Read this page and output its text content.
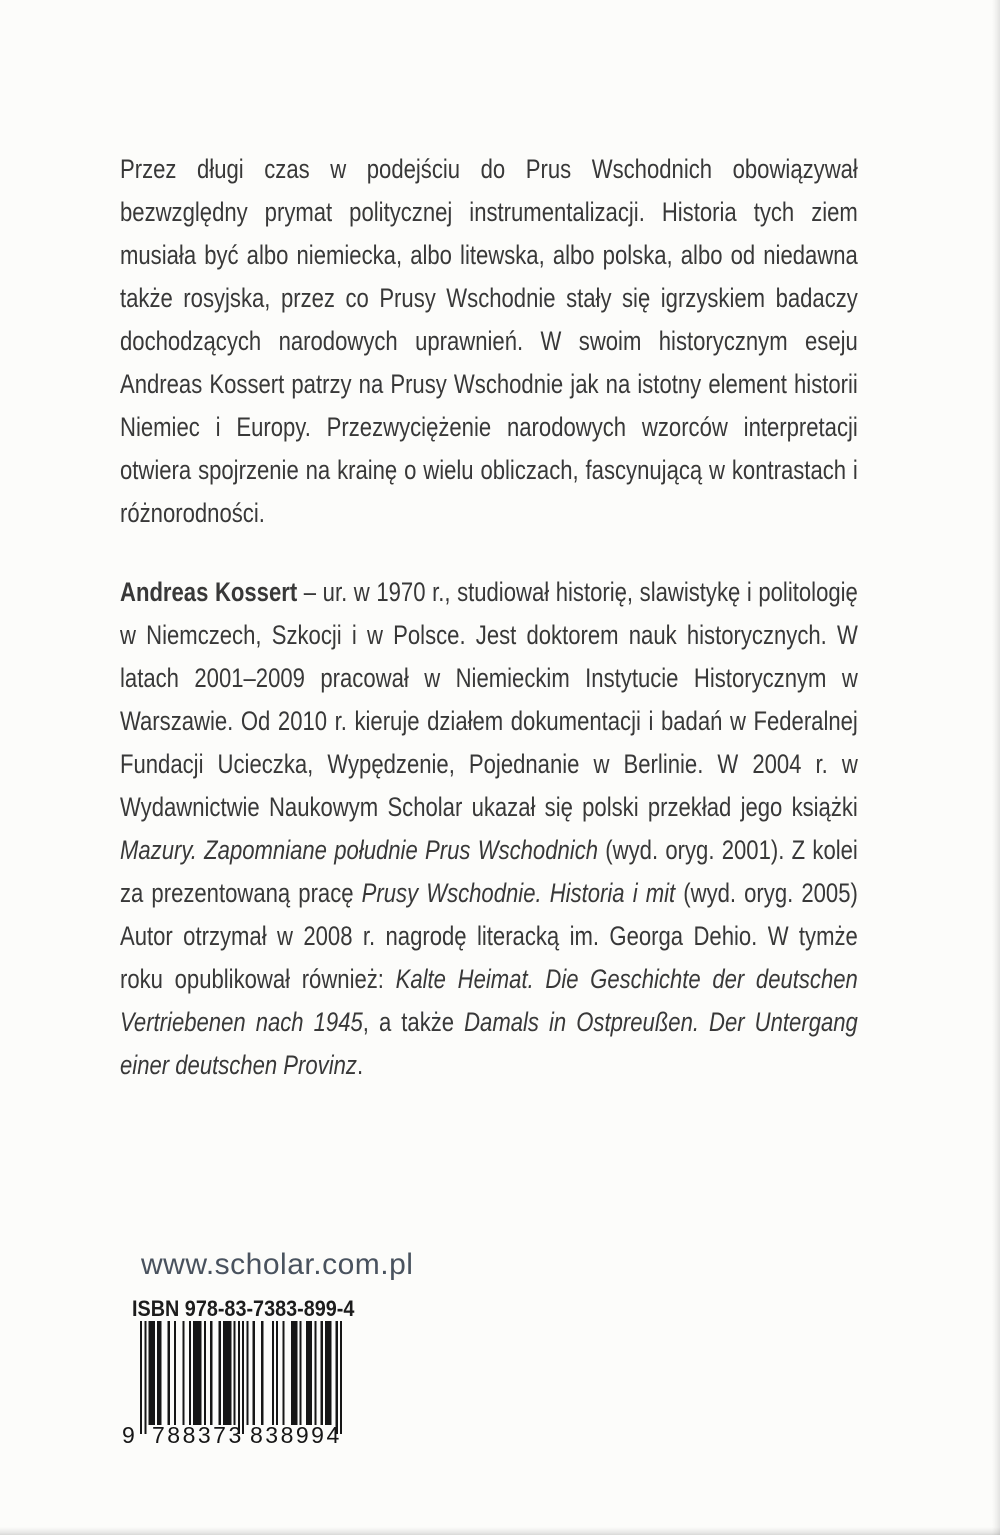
Przez długi czas w podejściu do Prus Wschodnich obowiązywał bezwzględny prymat politycznej instrumentalizacji. Historia tych ziem musiała być albo niemiecka, albo litewska, albo polska, albo od niedawna także rosyjska, przez co Prusy Wschodnie stały się igrzyskiem badaczy dochodzących narodowych uprawnień. W swoim historycznym eseju Andreas Kossert patrzy na Prusy Wschodnie jak na istotny element historii Niemiec i Europy. Przezwyciężenie narodowych wzorców interpretacji otwiera spojrzenie na krainę o wielu obliczach, fascynującą w kontrastach i różnorodności.

Andreas Kossert – ur. w 1970 r., studiował historię, slawistykę i politologię w Niemczech, Szkocji i w Polsce. Jest doktorem nauk historycznych. W latach 2001–2009 pracował w Niemieckim Instytucie Historycznym w Warszawie. Od 2010 r. kieruje działem dokumentacji i badań w Federalnej Fundacji Ucieczka, Wypędzenie, Pojednanie w Berlinie. W 2004 r. w Wydawnictwie Naukowym Scholar ukazał się polski przekład jego książki Mazury. Zapomniane południe Prus Wschodnich (wyd. oryg. 2001). Z kolei za prezentowaną pracę Prusy Wschodnie. Historia i mit (wyd. oryg. 2005) Autor otrzymał w 2008 r. nagrodę literacką im. Georga Dehio. W tymże roku opublikował również: Kalte Heimat. Die Geschichte der deutschen Vertriebenen nach 1945, a także Damals in Ostpreußen. Der Untergang einer deutschen Provinz.

www.scholar.com.pl
ISBN 978-83-7383-899-4
9 788373 838994
